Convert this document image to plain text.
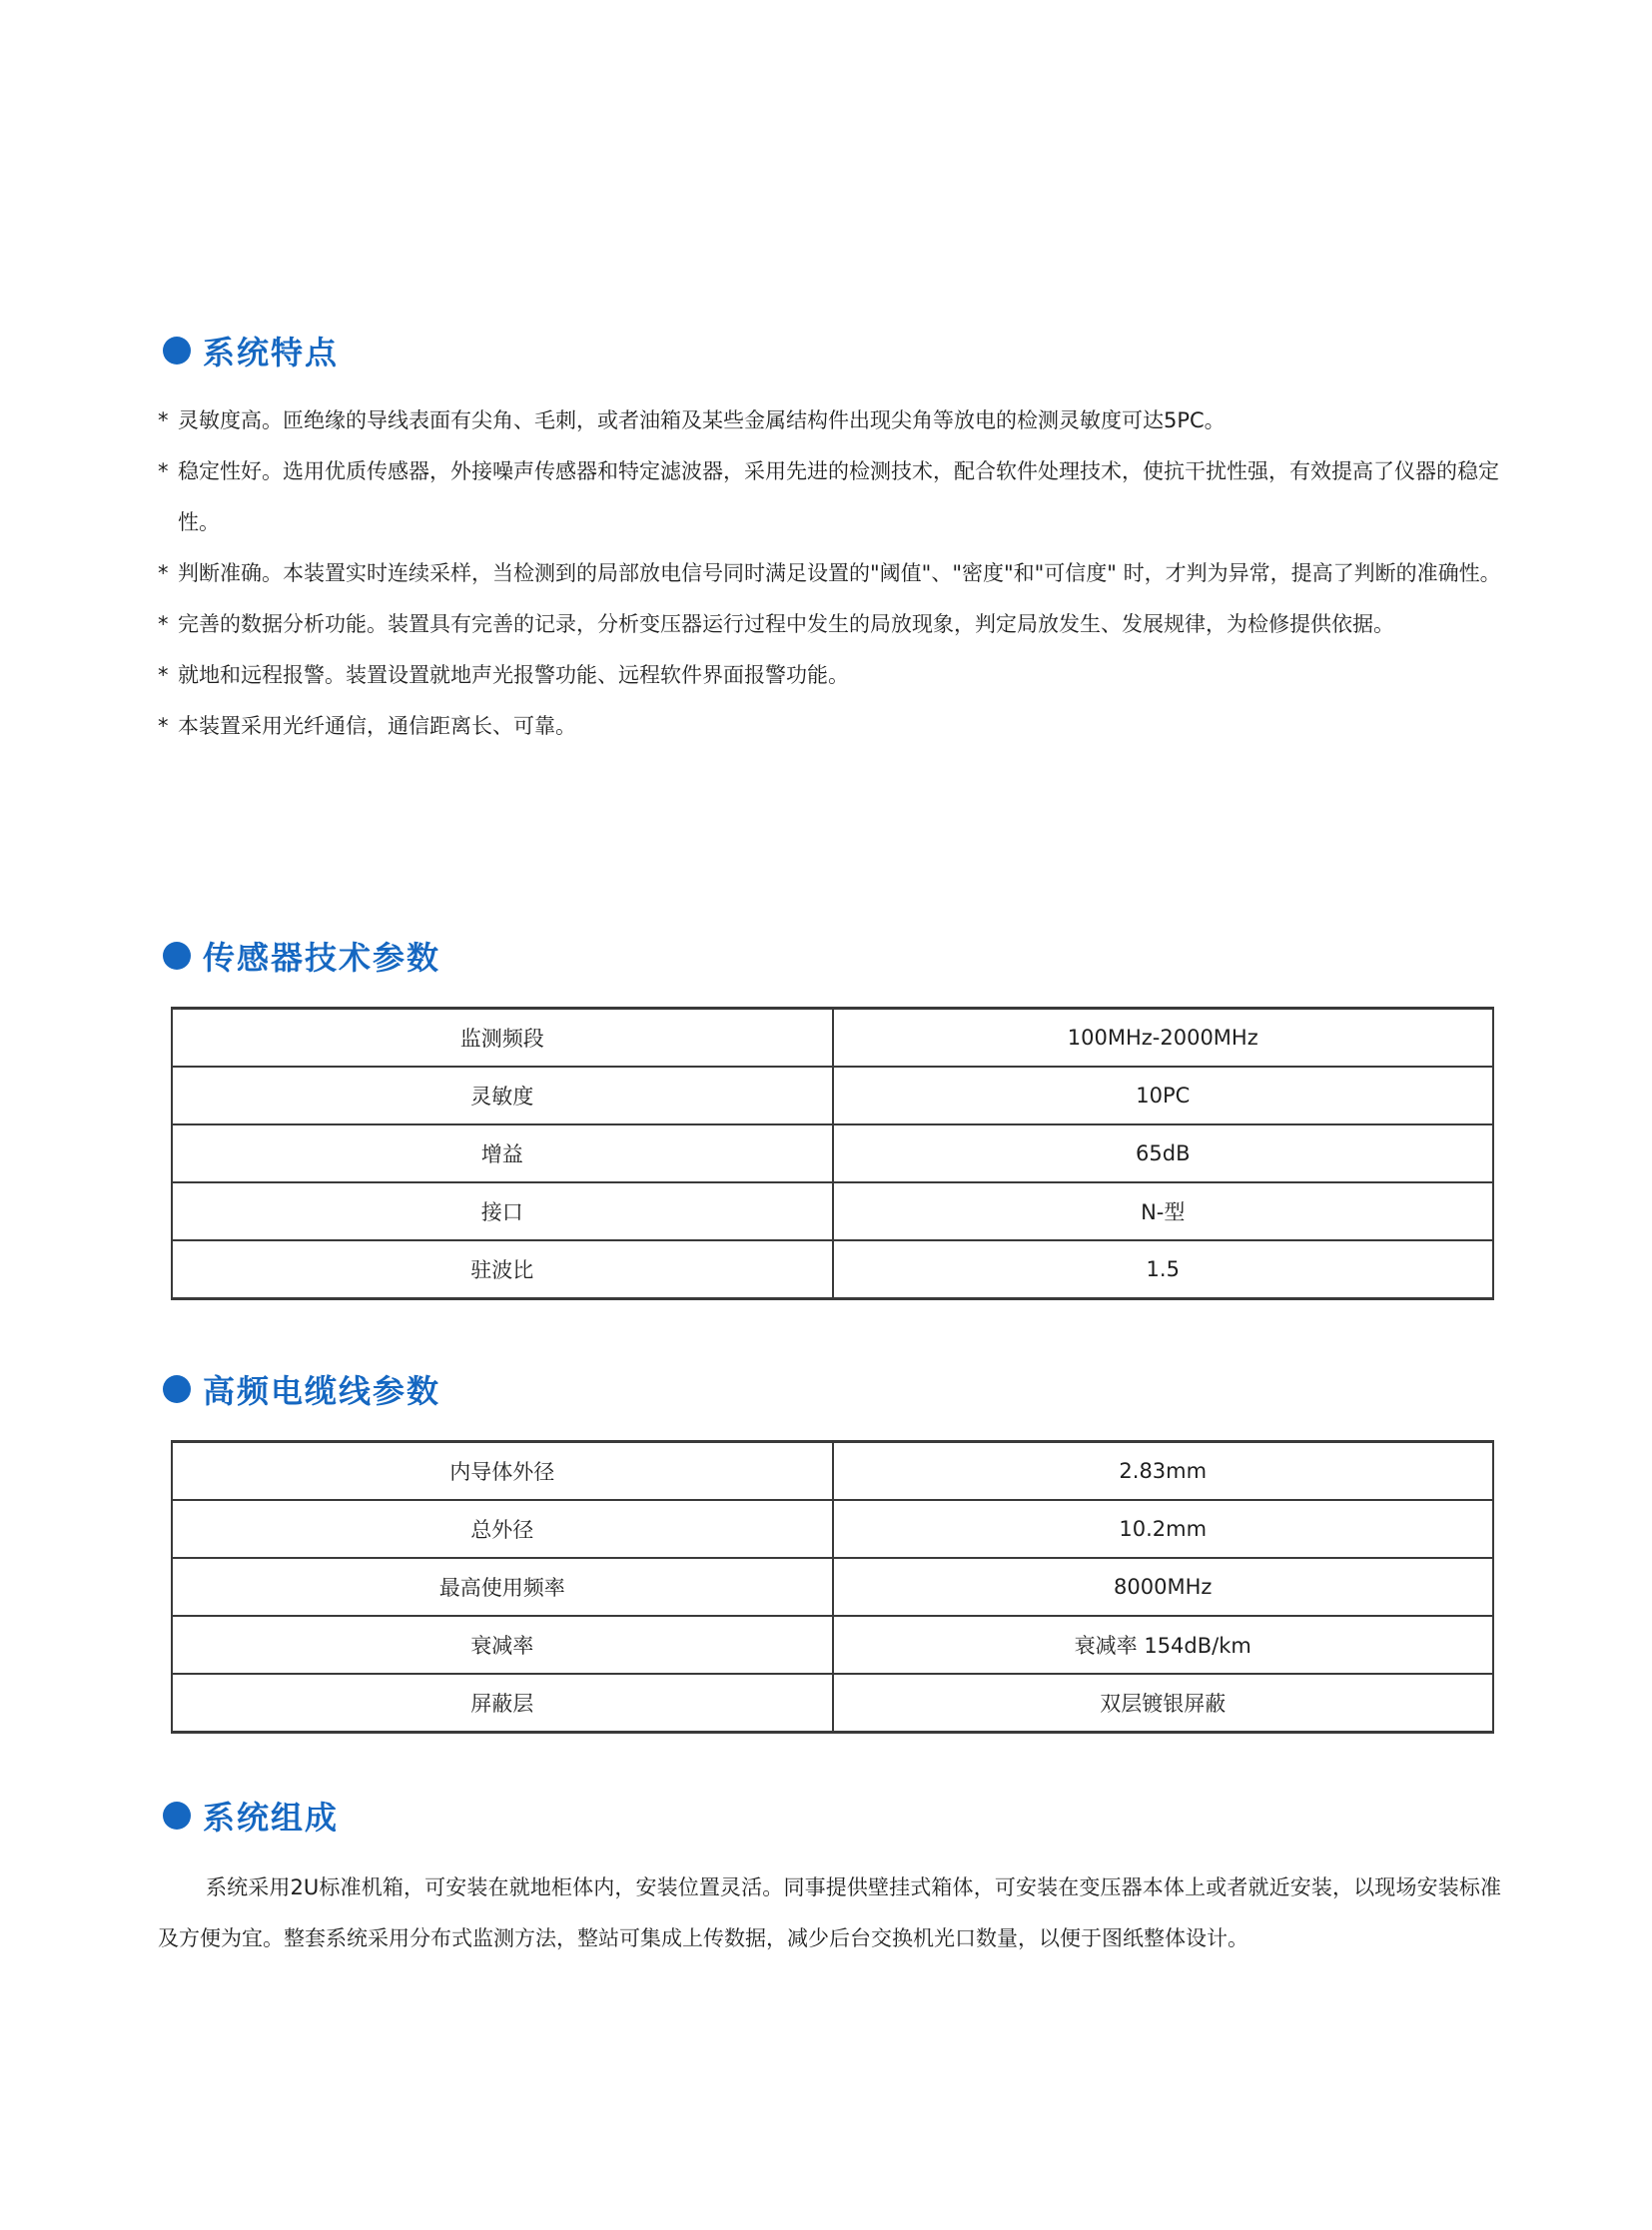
系统特点
* 灵敏度高。匝绝缘的导线表面有尖角、毛刺，或者油箱及某些金属结构件出现尖角等放电的检测灵敏度可达5PC。
* 稳定性好。选用优质传感器，外接噪声传感器和特定滤波器，采用先进的检测技术，配合软件处理技术，使抗干扰性强，有效提高了仪器的稳定性。
* 判断准确。本装置实时连续采样，当检测到的局部放电信号同时满足设置的"阈值"、"密度"和"可信度" 时，才判为异常，提高了判断的准确性。
* 完善的数据分析功能。装置具有完善的记录，分析变压器运行过程中发生的局放现象，判定局放发生、发展规律，为检修提供依据。
* 就地和远程报警。装置设置就地声光报警功能、远程软件界面报警功能。
* 本装置采用光纤通信，通信距离长、可靠。
传感器技术参数
监测频段	100MHz-2000MHz
灵敏度	10PC
增益	65dB
接口	N-型
驻波比	1.5
高频电缆线参数
内导体外径	2.83mm
总外径	10.2mm
最高使用频率	8000MHz
衰减率	衰减率 154dB/km
屏蔽层	双层镀银屏蔽
系统组成

系统采用2U标准机箱，可安装在就地柜体内，安装位置灵活。同事提供壁挂式箱体，可安装在变压器本体上或者就近安装，以现场安装标准及方便为宜。整套系统采用分布式监测方法，整站可集成上传数据，减少后台交换机光口数量，以便于图纸整体设计。
